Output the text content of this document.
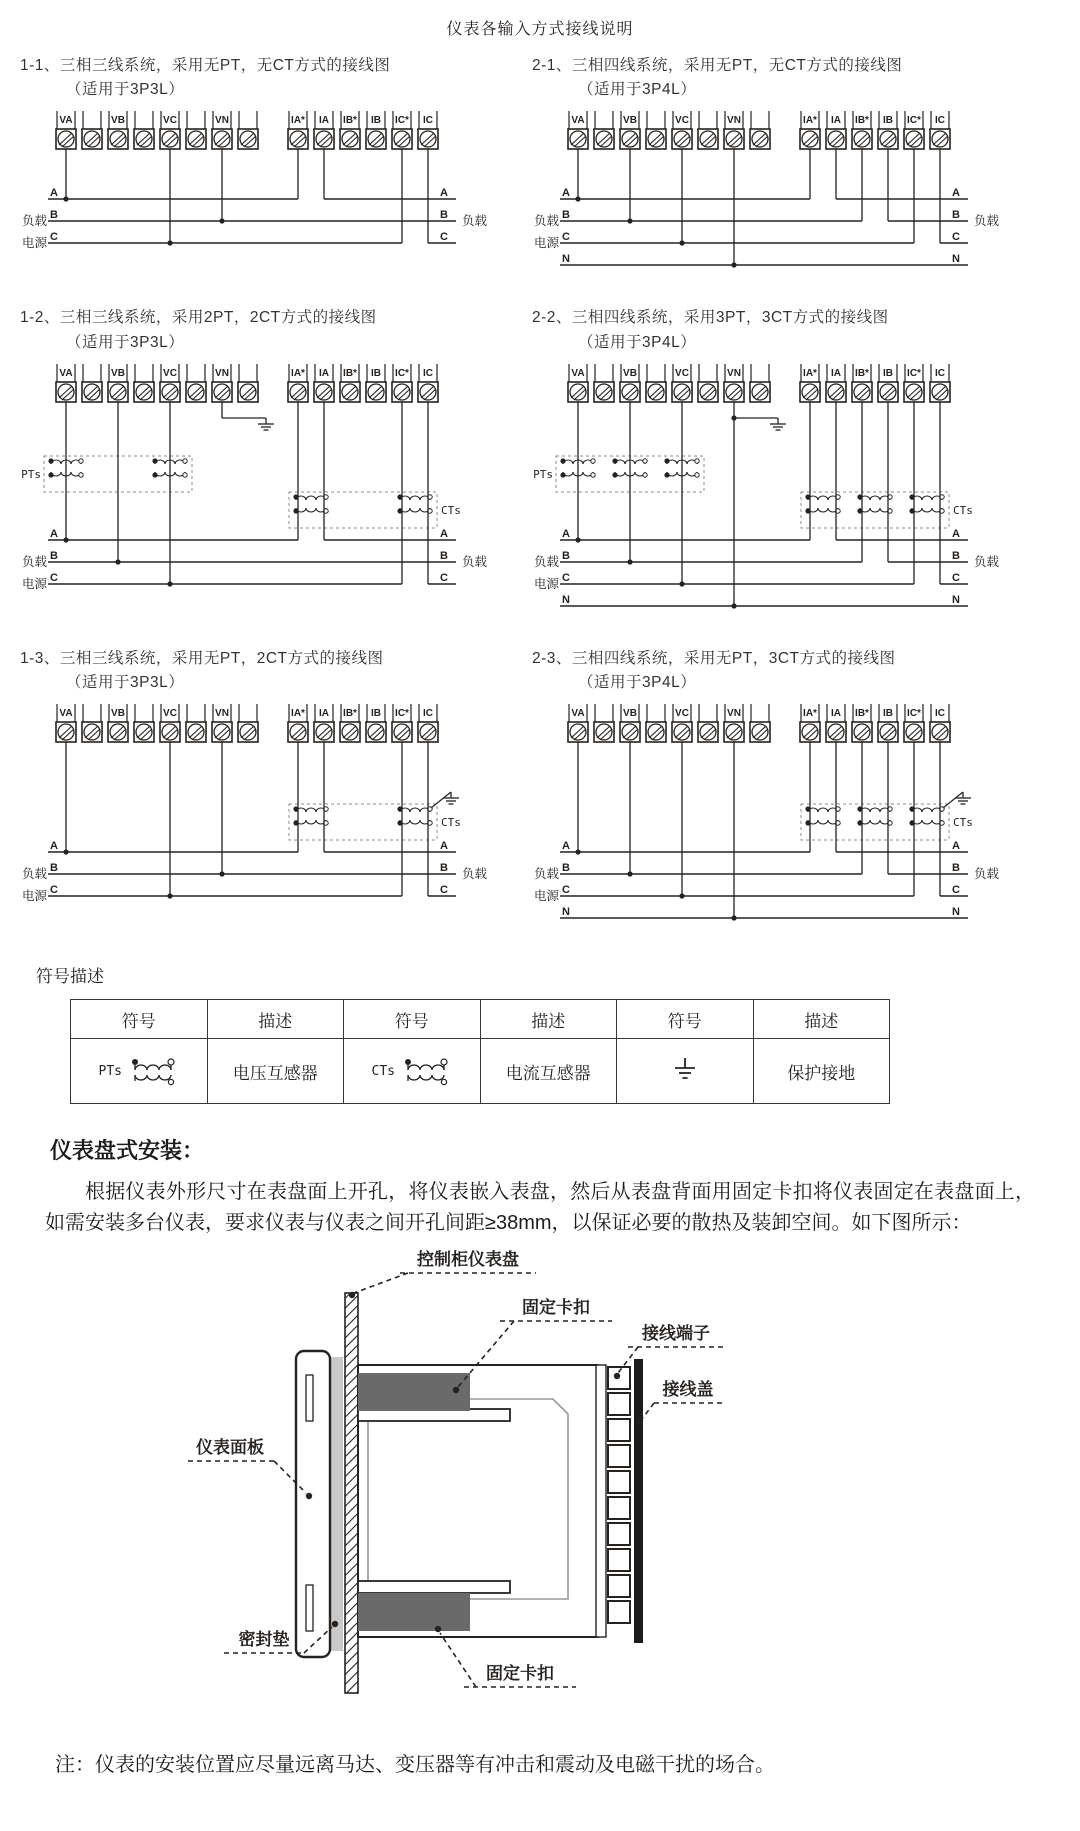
仪表各输入方式接线说明
1-1、三相三线系统，采用无PT，无CT方式的接线图
（适用于3P3L）
VA	VB	VC	VN	IA* IA IB* IB IC* IC
A	A
B	B
C	C
负载
电源
负载
2-1、三相四线系统，采用无PT，无CT方式的接线图
（适用于3P4L）
VA	VB	VC	VN	IA* IA IB* IB IC* IC
A	A
B	B
C	C
N	N
负载
电源
负载
1-2、三相三线系统，采用2PT，2CT方式的接线图
（适用于3P3L）
VA	VB	VC	VN	IA* IA IB* IB IC* IC
PTs
CTs
A	A
B	B
C	C
负载
电源
负载
2-2、三相四线系统，采用3PT，3CT方式的接线图
（适用于3P4L）
VA	VB	VC	VN	IA* IA IB* IB IC* IC
PTs
CTs
A	A
B	B
C	C
N	N
负载
电源
负载
1-3、三相三线系统，采用无PT，2CT方式的接线图
（适用于3P3L）
VA	VB	VC	VN	IA* IA IB* IB IC* IC
CTs
A	A
B	B
C	C
负载
电源
负载
2-3、三相四线系统，采用无PT，3CT方式的接线图
（适用于3P4L）
VA	VB	VC	VN	IA* IA IB* IB IC* IC
CTs
A	A
B	B
C	C
N	N
负载
电源
负载
符号描述
符号	描述	符号	描述	符号	描述

PTs	电压互感器	CTs	电流互感器		保护接地
仪表盘式安装：

根据仪表外形尺寸在表盘面上开孔，将仪表嵌入表盘，然后从表盘背面用固定卡扣将仪表固定在表盘面上，如需安装多台仪表，要求仪表与仪表之间开孔间距≥38mm，以保证必要的散热及装卸空间。如下图所示：

控制柜仪表盘
固定卡扣
接线端子
接线盖
仪表面板
密封垫
固定卡扣
注：仪表的安装位置应尽量远离马达、变压器等有冲击和震动及电磁干扰的场合。
